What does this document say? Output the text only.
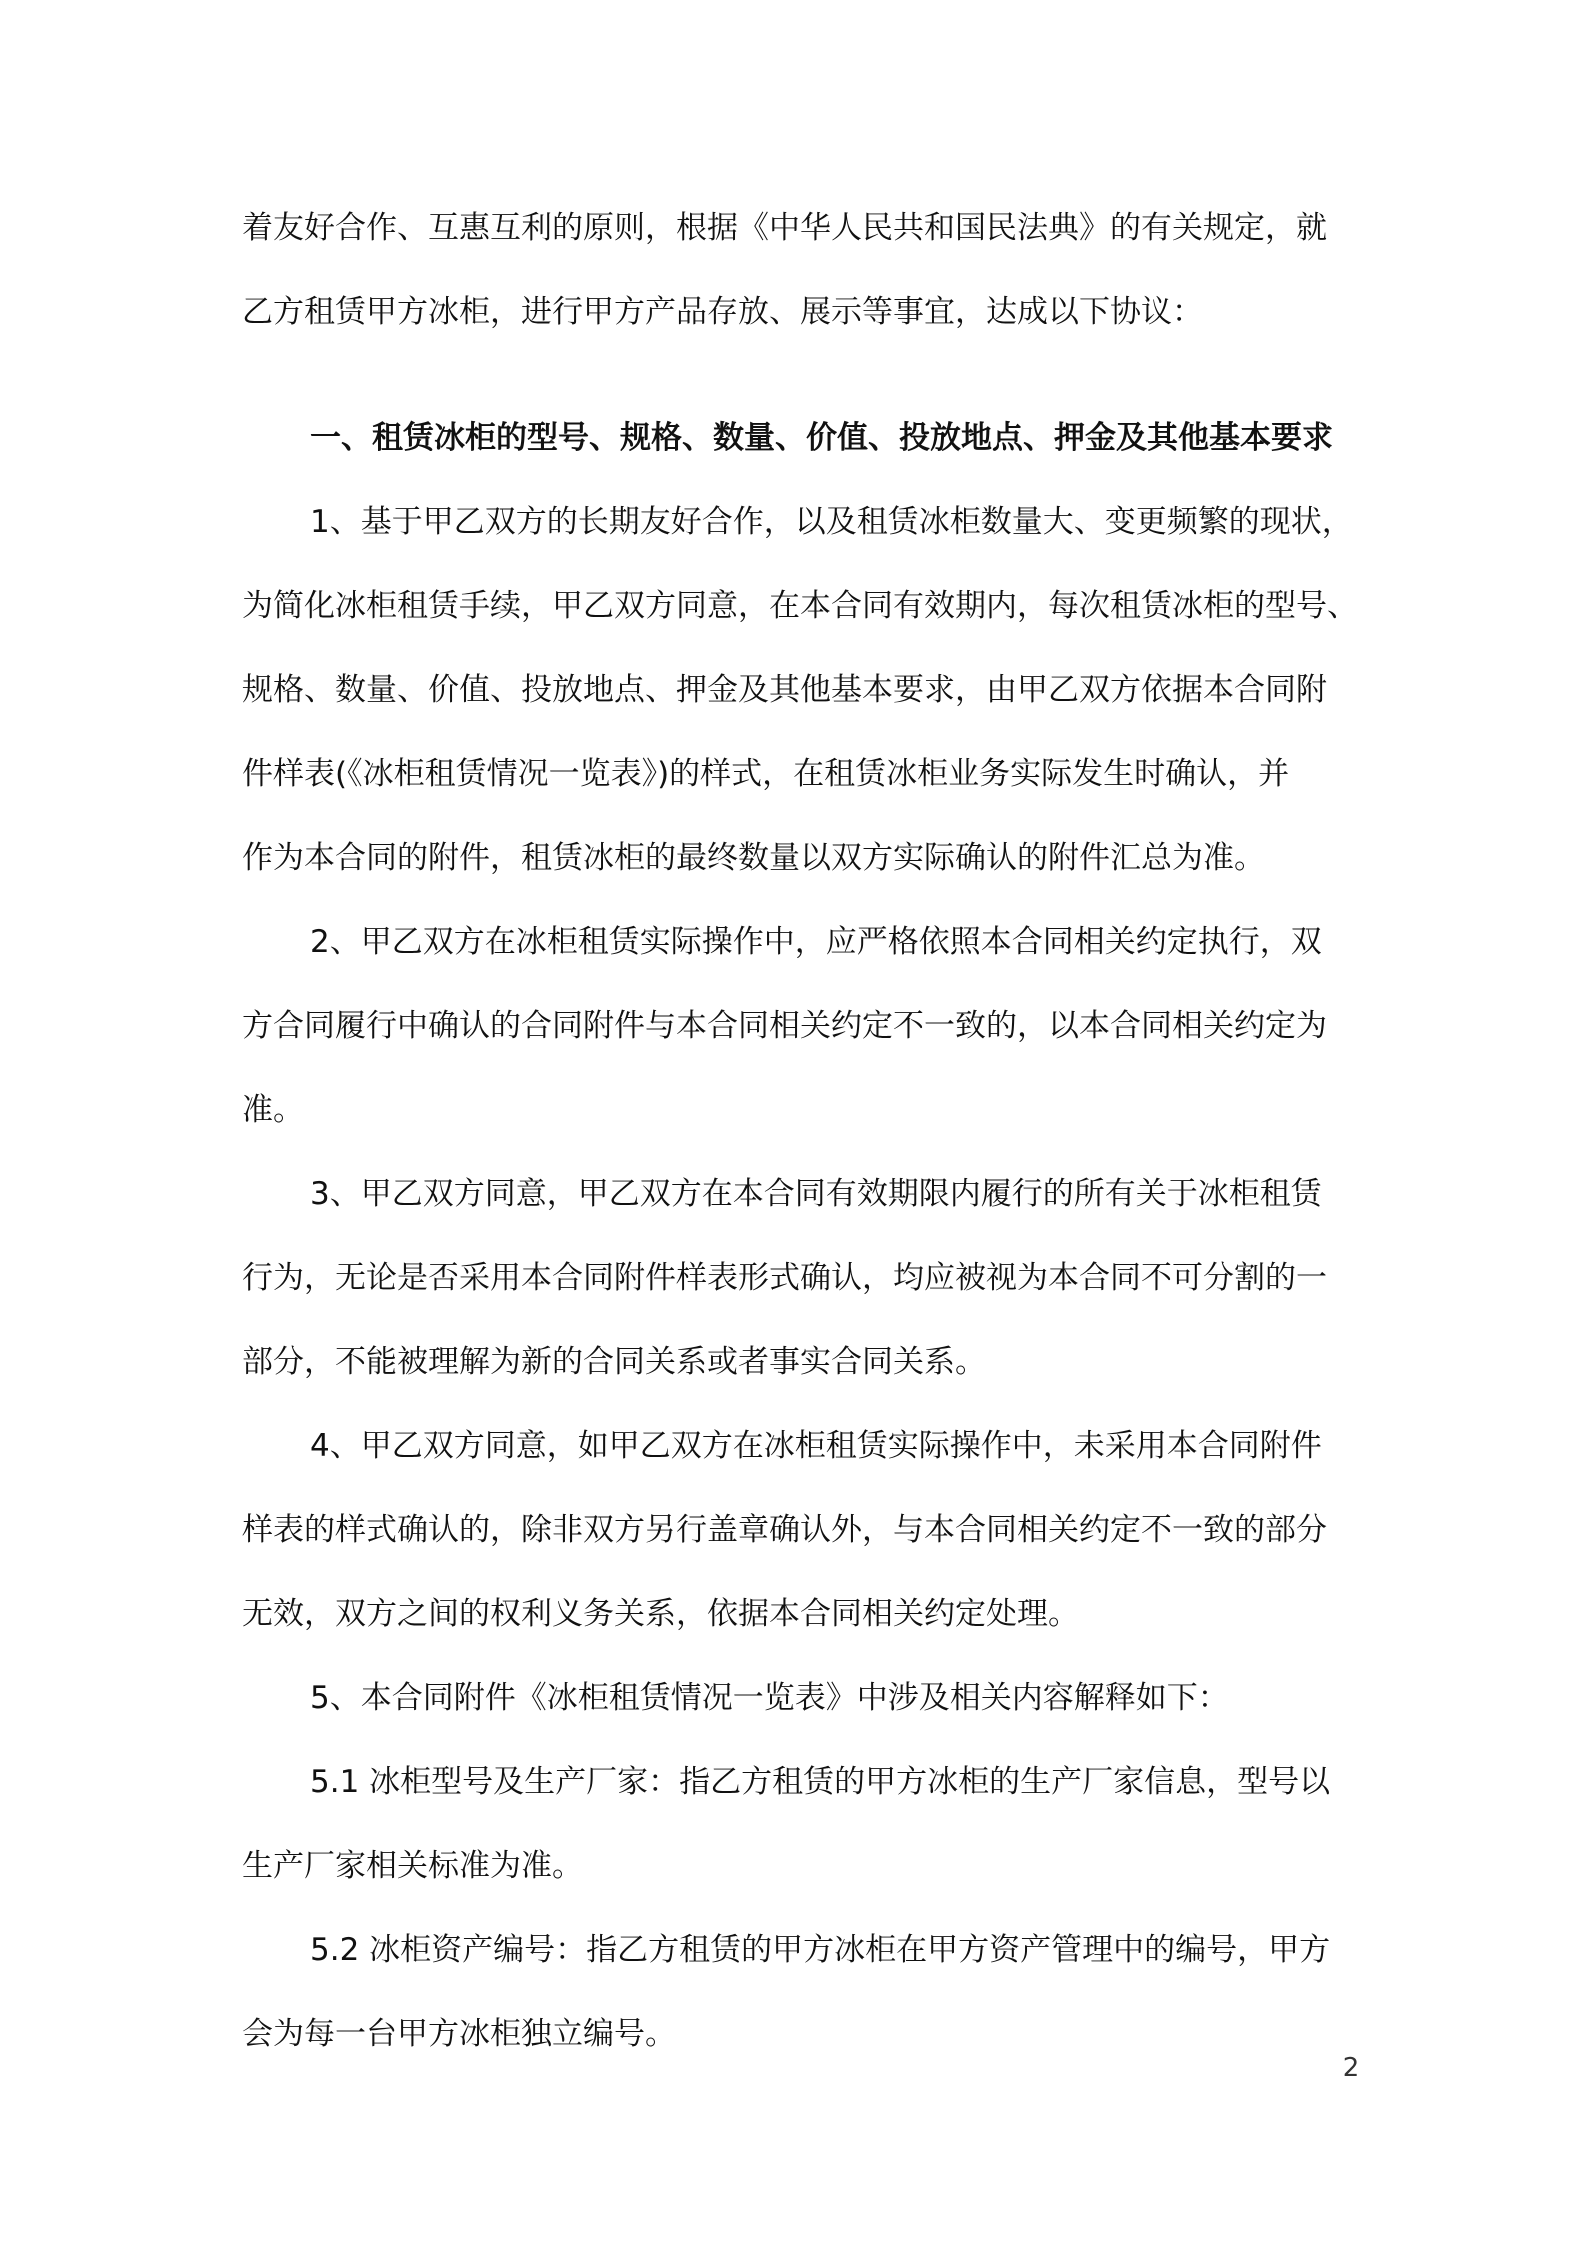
着友好合作、互惠互利的原则，根据《中华人民共和国民法典》的有关规定，就
乙方租赁甲方冰柜，进行甲方产品存放、展示等事宜，达成以下协议：
一、租赁冰柜的型号、规格、数量、价值、投放地点、押金及其他基本要求
1、基于甲乙双方的长期友好合作，以及租赁冰柜数量大、变更频繁的现状，
为简化冰柜租赁手续，甲乙双方同意，在本合同有效期内，每次租赁冰柜的型号、
规格、数量、价值、投放地点、押金及其他基本要求，由甲乙双方依据本合同附
件样表(《冰柜租赁情况一览表》)的样式，在租赁冰柜业务实际发生时确认，并
作为本合同的附件，租赁冰柜的最终数量以双方实际确认的附件汇总为准。
2、甲乙双方在冰柜租赁实际操作中，应严格依照本合同相关约定执行，双
方合同履行中确认的合同附件与本合同相关约定不一致的，以本合同相关约定为
准。
3、甲乙双方同意，甲乙双方在本合同有效期限内履行的所有关于冰柜租赁
行为，无论是否采用本合同附件样表形式确认，均应被视为本合同不可分割的一
部分，不能被理解为新的合同关系或者事实合同关系。
4、甲乙双方同意，如甲乙双方在冰柜租赁实际操作中，未采用本合同附件
样表的样式确认的，除非双方另行盖章确认外，与本合同相关约定不一致的部分
无效，双方之间的权利义务关系，依据本合同相关约定处理。
5、本合同附件《冰柜租赁情况一览表》中涉及相关内容解释如下：
5.1 冰柜型号及生产厂家：指乙方租赁的甲方冰柜的生产厂家信息，型号以
生产厂家相关标准为准。
5.2 冰柜资产编号：指乙方租赁的甲方冰柜在甲方资产管理中的编号，甲方
会为每一台甲方冰柜独立编号。
2
